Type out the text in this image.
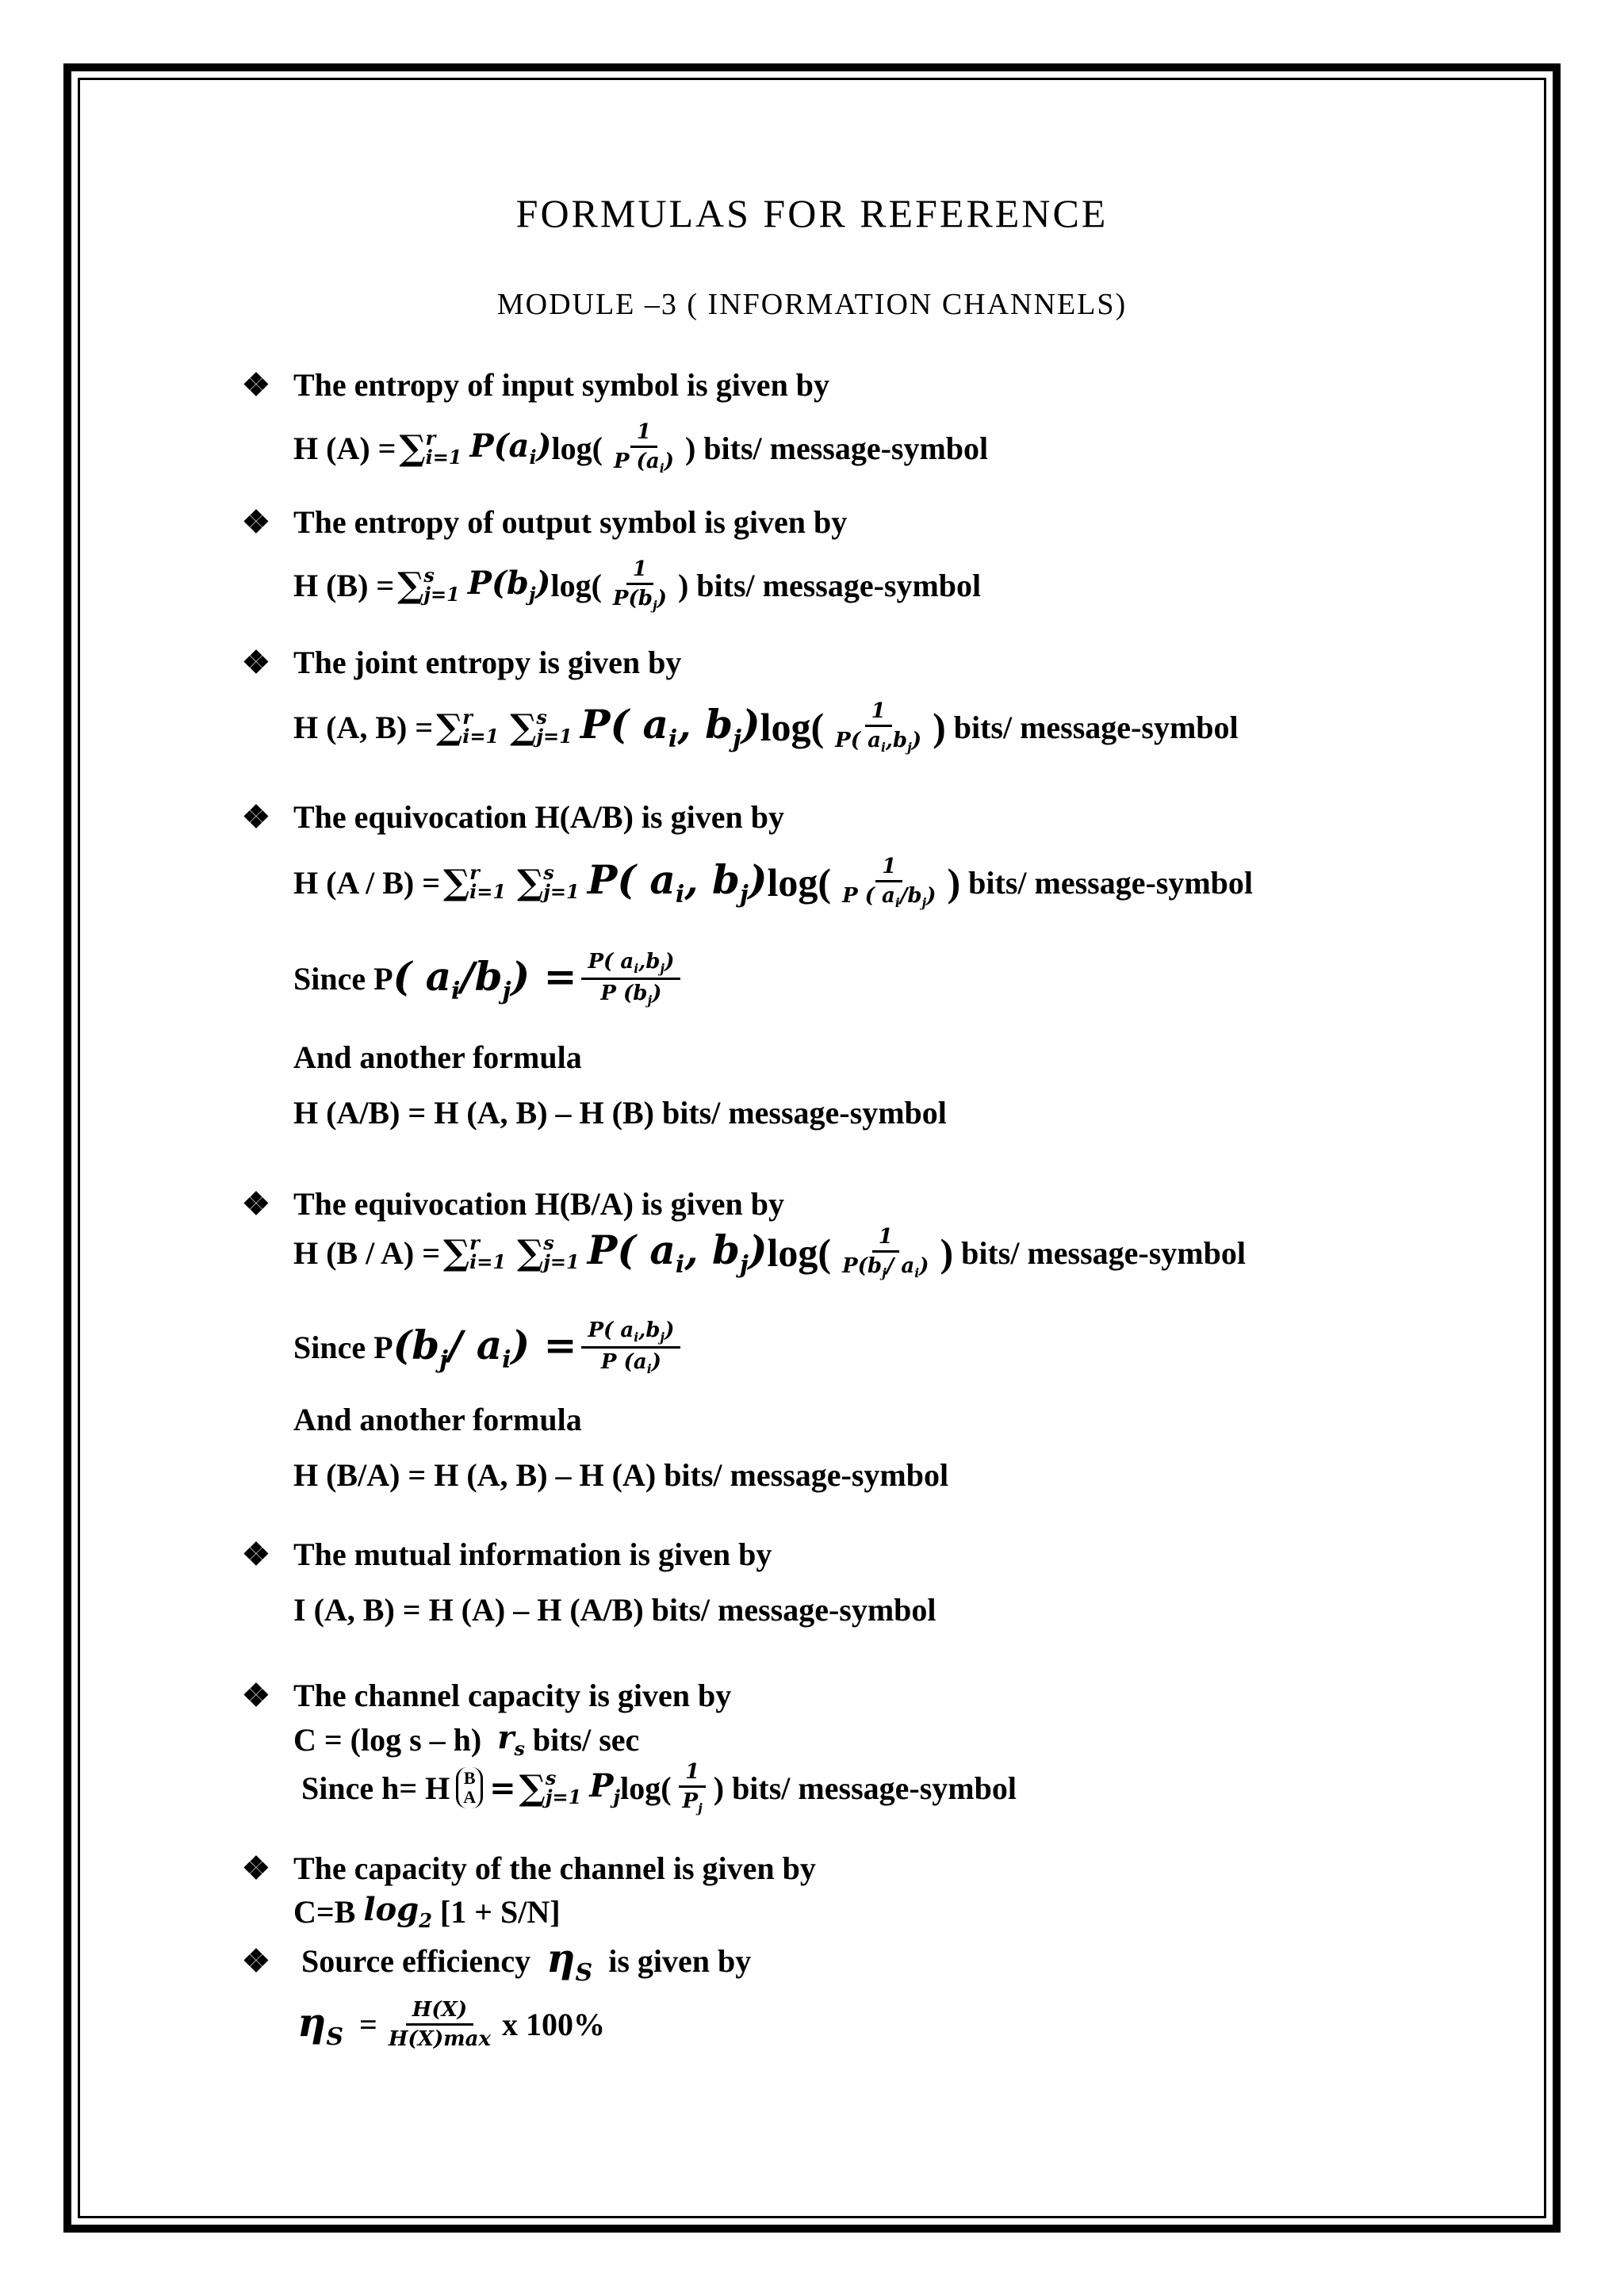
FORMULAS FOR REFERENCE
MODULE –3 ( INFORMATION CHANNELS)
❖ The entropy of input symbol is given by
H (A) = ∑ r
i=1 $P(a_i)$ $\log( \frac{1}{P (a_i)}$ ) bits/ message-symbol
❖ The entropy of output symbol is given by
H (B) = ∑ s
j=1 $P(b_j)$ $\log( \frac{1}{P(b_j)}$ ) bits/ message-symbol
❖ The joint entropy is given by
H (A, B) = ∑ r
i=1 ∑ s
j=1 P( $a_i$, $b_j$) $\log( \frac{1}{P( a_i,b_j)}$ )
bits/ message-symbol
❖ The equivocation H(A/B) is given by
H (A / B) = ∑ r
i=1 ∑ s
j=1 P( $a_i$, $b_j$) $\log( \frac{1}{P ( a_i/b_j)}$ )
bits/ message-symbol
Since P ( $a_i/b_j) = \frac{P( a_i,b_j)}{P (b_j)}$
And another formula
H (A/B) = H (A, B) – H (B) bits/ message-symbol
❖ The equivocation H(B/A) is given by
H (B / A) = ∑ r
i=1 ∑ s
j=1 P( $a_i$, $b_j$) $\log( \frac{1}{P(b_j/ a_i)}$ )
bits/ message-symbol
Since P ($b_j/$ $a_i) = \frac{P( a_i,b_j)}{P (a_i)}$
And another formula
H (B/A) = H (A, B) – H (A) bits/ message-symbol
❖ The mutual information is given by
I (A, B) = H (A) – H (A/B) bits/ message-symbol
❖ The channel capacity is given by
C = (log s – h)
$r_s$
bits/ sec
Since h= H B
A = ∑ s
j=1 $P_j$ $\log( \frac{1}{P_j}$ ) bits/ message-symbol
❖ The capacity of the channel is given by
C=B
$\log_2$
[1 + S/N]
❖ Source efficiency
$\eta_S$
is given by
$\eta_S = \frac{H(X)}{H(X)\max}$ x 100%
